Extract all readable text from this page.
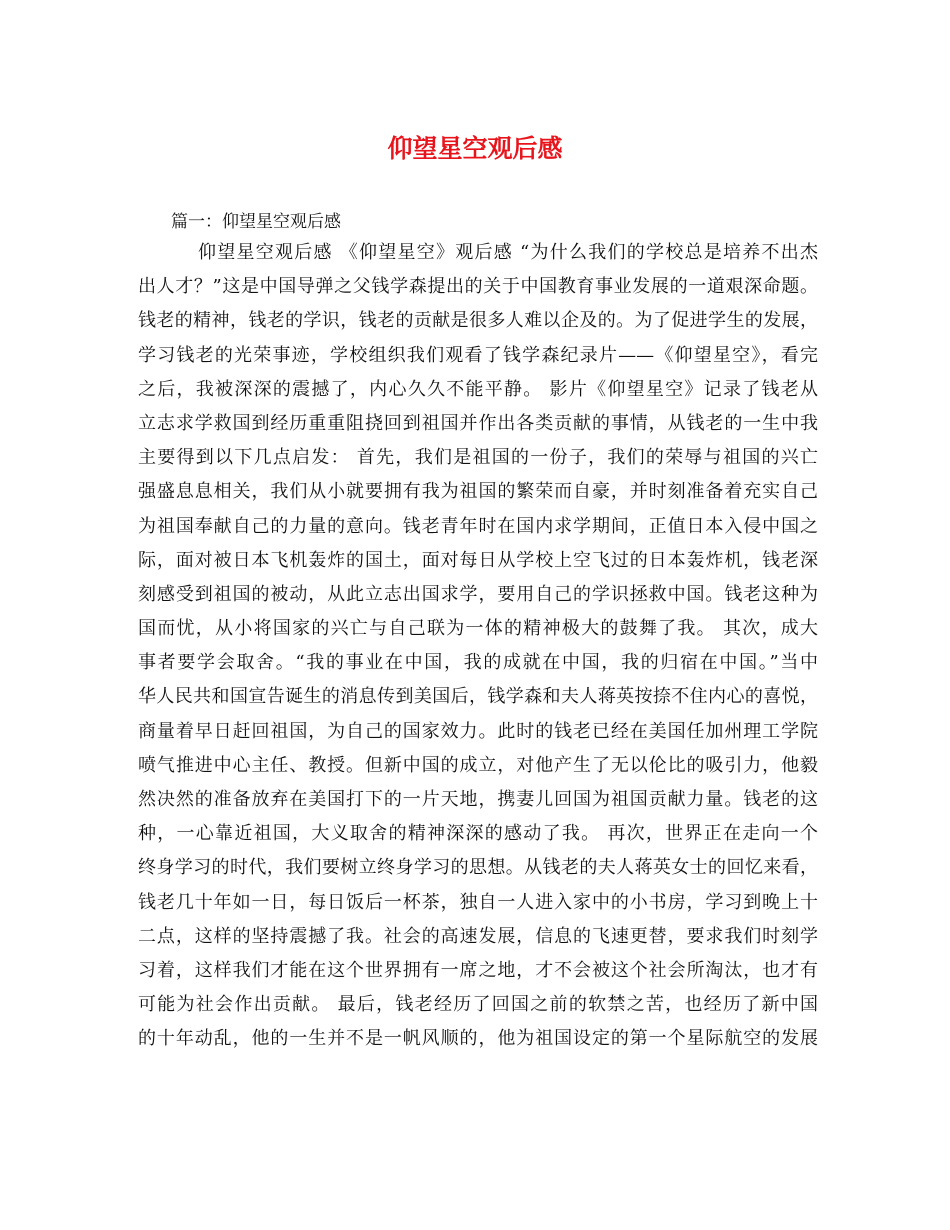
仰望星空观后感

篇一：仰望星空观后感

仰望星空观后感 《仰望星空》观后感 “为什么我们的学校总是培养不出杰
出人才？”这是中国导弹之父钱学森提出的关于中国教育事业发展的一道艰深命题。
钱老的精神，钱老的学识，钱老的贡献是很多人难以企及的。为了促进学生的发展，
学习钱老的光荣事迹，学校组织我们观看了钱学森纪录片——《仰望星空》，看完
之后，我被深深的震撼了，内心久久不能平静。 影片《仰望星空》记录了钱老从
立志求学救国到经历重重阻挠回到祖国并作出各类贡献的事情，从钱老的一生中我
主要得到以下几点启发： 首先，我们是祖国的一份子，我们的荣辱与祖国的兴亡
强盛息息相关，我们从小就要拥有我为祖国的繁荣而自豪，并时刻准备着充实自己
为祖国奉献自己的力量的意向。钱老青年时在国内求学期间，正值日本入侵中国之
际，面对被日本飞机轰炸的国土，面对每日从学校上空飞过的日本轰炸机，钱老深
刻感受到祖国的被动，从此立志出国求学，要用自己的学识拯救中国。钱老这种为
国而忧，从小将国家的兴亡与自己联为一体的精神极大的鼓舞了我。 其次，成大
事者要学会取舍。“我的事业在中国，我的成就在中国，我的归宿在中国。”当中
华人民共和国宣告诞生的消息传到美国后，钱学森和夫人蒋英按捺不住内心的喜悦，
商量着早日赶回祖国，为自己的国家效力。此时的钱老已经在美国任加州理工学院
喷气推进中心主任、教授。但新中国的成立，对他产生了无以伦比的吸引力，他毅
然决然的准备放弃在美国打下的一片天地，携妻儿回国为祖国贡献力量。钱老的这
种，一心靠近祖国，大义取舍的精神深深的感动了我。 再次，世界正在走向一个
终身学习的时代，我们要树立终身学习的思想。从钱老的夫人蒋英女士的回忆来看，
钱老几十年如一日，每日饭后一杯茶，独自一人进入家中的小书房，学习到晚上十
二点，这样的坚持震撼了我。社会的高速发展，信息的飞速更替，要求我们时刻学
习着，这样我们才能在这个世界拥有一席之地，才不会被这个社会所淘汰，也才有
可能为社会作出贡献。 最后，钱老经历了回国之前的软禁之苦，也经历了新中国
的十年动乱，他的一生并不是一帆风顺的，他为祖国设定的第一个星际航空的发展
